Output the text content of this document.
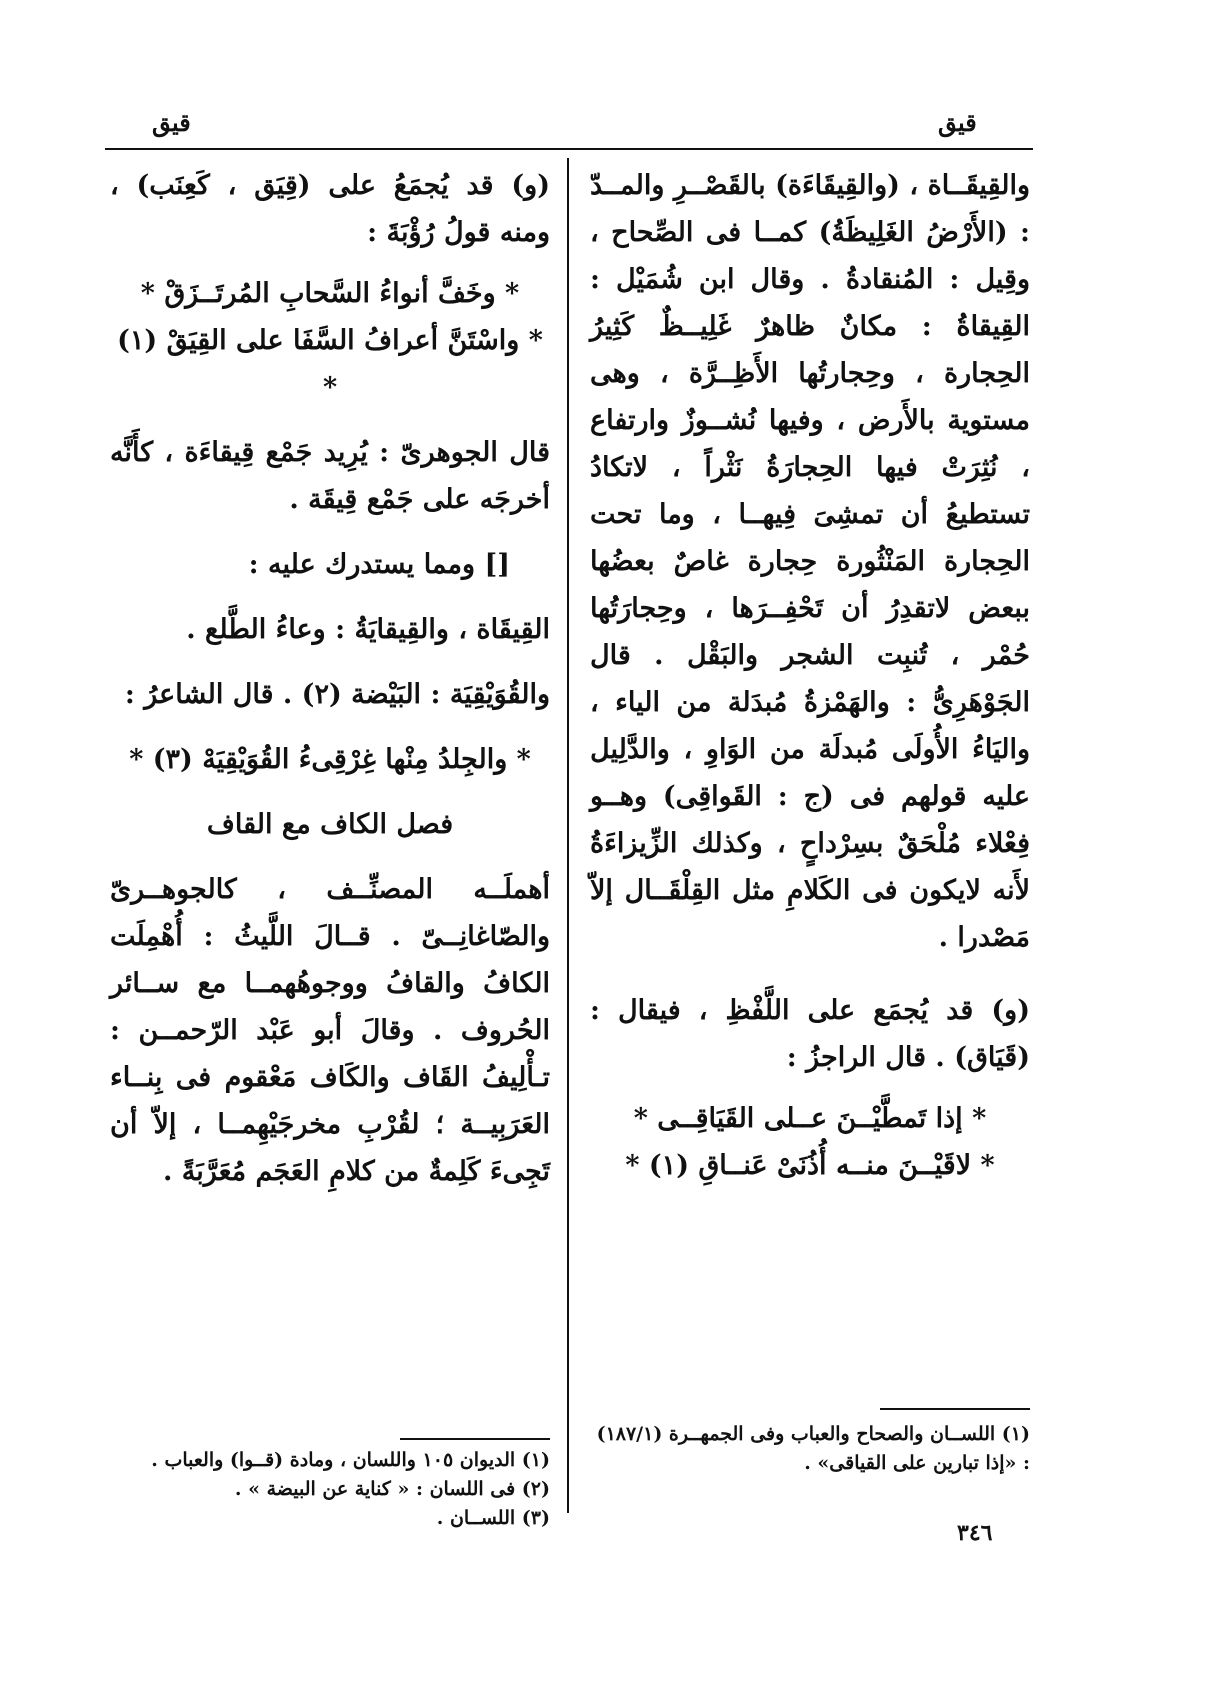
قيق	قيق

والقِيقَــاة ، (والقِيقَاءَة) بالقَصْــرِ والمــدّ : (الأَرْضُ الغَلِيظَةُ) كمــا فى الصِّحاح ، وقِيل : المُنقادةُ . وقال ابن شُمَيْل : القِيقاةُ : مكانٌ ظاهرٌ غَلِيــظٌ كَثِيرُ الحِجارة ، وحِجارتُها الأَظِــرَّة ، وهى مستوية بالأَرض ، وفيها نُشــوزٌ وارتفاع ، نُثِرَتْ فيها الحِجارَةُ نَثْراً ، لاتكادُ تستطيعُ أن تمشِىَ فِيهــا ، وما تحت الحِجارة المَنْثُورة حِجارة غاصٌ بعضُها ببعض لاتقدِرُ أن تَحْفِــرَها ، وحِجارَتُها حُمْر ، تُنبِت الشجر والبَقْل . قال الجَوْهَرِىُّ : والهَمْزةُ مُبدَلة من الياء ، واليَاءُ الأُولَى مُبدلَة من الوَاوِ ، والدَّلِيل عليه قولهم فى (ج : القَواقِى) وهــو فِعْلاء مُلْحَقٌ بسِرْداحٍ ، وكذلك الزِّيزاءَةُ لأَنه لايكون فى الكَلامِ مثل القِلْقَــال إلاّ مَصْدرا .

(و) قد يُجمَع على اللَّفْظِ ، فيقال : (قَيَاق) . قال الراجزُ :

* إذا تَمطَّيْــنَ عــلى القَيَاقِــى *

* لاقَيْــنَ منــه أُذُنَىْ عَنــاقِ (١) *

(و) قد يُجمَعُ على (قِيَق ، كَعِنَب) ، ومنه قولُ رُؤْبَةَ :

* وخَفَّ أنواءُ السَّحابِ المُرتَــزَقْ *

* واسْتَنَّ أعرافُ السَّفَا على القِيَقْ (١) *

قال الجوهرىّ : يُرِيد جَمْع قِيقاءَة ، كأَنَّه أخرجَه على جَمْع قِيقَة .

[] ومما يستدرك عليه :

القِيقَاة ، والقِيقايَةُ : وعاءُ الطَّلع .

والقُوَيْقِيَة : البَيْضة (٢) . قال الشاعرُ :

* والجِلدُ مِنْها غِرْقِىءُ القُوَيْقِيَهْ (٣) *

فصل الكاف مع القاف

أهملَــه المصنِّــف ، كالجوهــرىّ والصّاغانِــىّ . قــالَ اللَّيثُ : أُهْمِلَت الكافُ والقافُ ووجوهُهمــا مع ســائر الحُروف . وقالَ أبو عَبْد الرّحمــن : تـأْلِيفُ القَاف والكَاف مَعْقوم فى بِنــاء العَرَبِيــة ؛ لقُرْبِ مخرجَيْهِمــا ، إلاّ أن تَجِىءَ كَلِمةٌ من كلامِ العَجَم مُعَرَّبَةً .

(١) اللســان والصحاح والعباب وفى الجمهــرة (١٨٧/١) : «إذا تبارين على القياقى» .

(١) الديوان ١٠٥ واللسان ، ومادة (قــوا) والعباب .

(٢) فى اللسان : « كناية عن البيضة » .

(٣) اللســان .

٣٤٦
